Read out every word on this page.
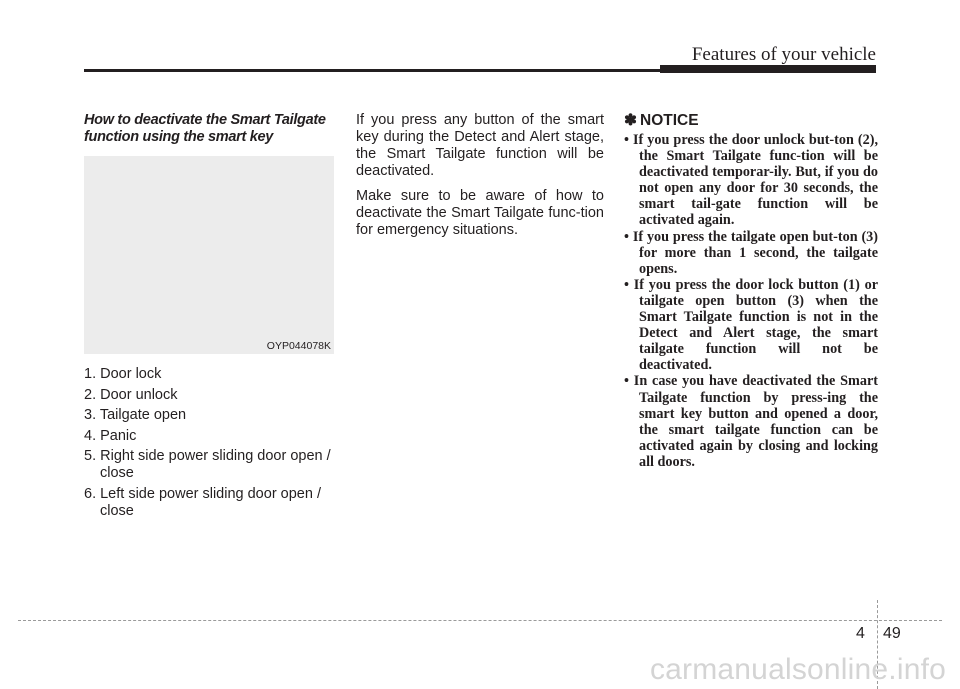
Features of your vehicle

How to deactivate the Smart Tailgate function using the smart key

OYP044078K
1. Door lock
2. Door unlock
3. Tailgate open
4. Panic
5. Right side power sliding door open / close
6. Left side power sliding door open / close

If you press any button of the smart key during the Detect and Alert stage, the Smart Tailgate function will be deactivated.

Make sure to be aware of how to deactivate the Smart Tailgate func-tion for emergency situations.

✽ NOTICE

• If you press the door unlock but-ton (2), the Smart Tailgate func-tion will be deactivated temporar-ily. But, if you do not open any door for 30 seconds, the smart tail-gate function will be activated again.
• If you press the tailgate open but-ton (3) for more than 1 second, the tailgate opens.
• If you press the door lock button (1) or tailgate open button (3) when the Smart Tailgate function is not in the Detect and Alert stage, the smart tailgate function will not be deactivated.
• In case you have deactivated the Smart Tailgate function by press-ing the smart key button and opened a door, the smart tailgate function can be activated again by closing and locking all doors.
4 49
carmanualsonline.info
